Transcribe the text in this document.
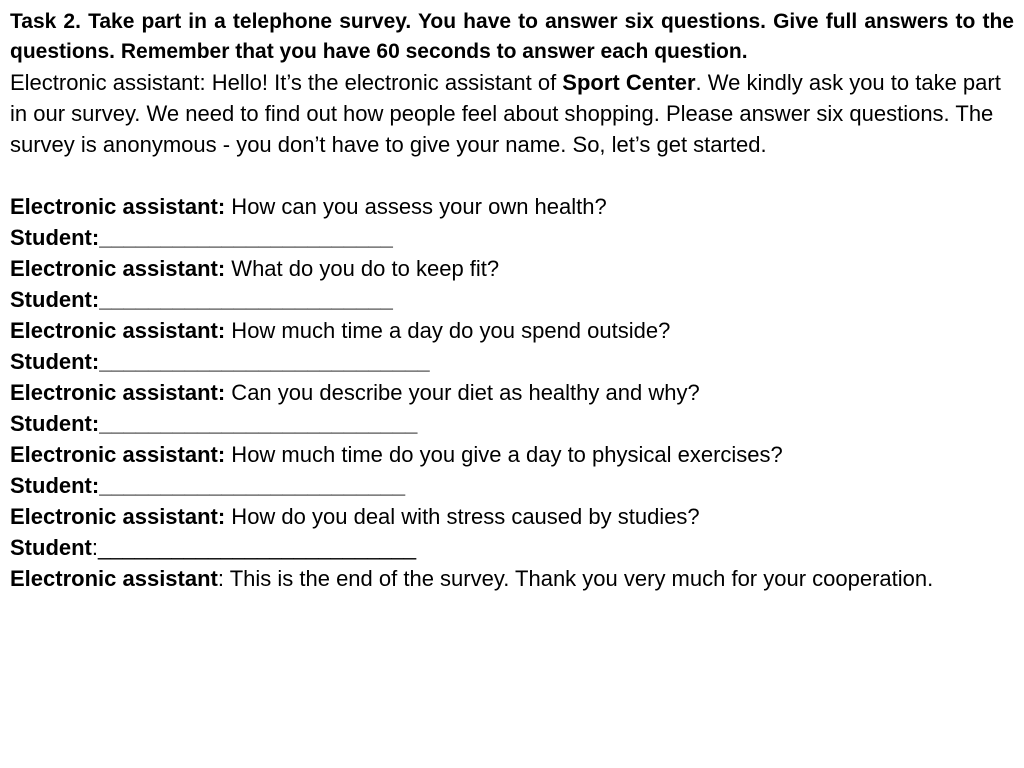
Task 2. Take part in a telephone survey. You have to answer six questions. Give full answers to the questions. Remember that you have 60 seconds to answer each question.

Electronic assistant: Hello! It’s the electronic assistant of Sport Center. We kindly ask you to take part in our survey. We need to find out how people feel about shopping. Please answer six questions. The survey is anonymous - you don’t have to give your name. So, let’s get started.

Electronic assistant: How can you assess your own health?
Student:________________________
Electronic assistant: What do you do to keep fit?
Student:________________________
Electronic assistant: How much time a day do you spend outside?
Student:___________________________
Electronic assistant: Can you describe your diet as healthy and why?
Student:__________________________
Electronic assistant: How much time do you give a day to physical exercises?
Student:_________________________
Electronic assistant: How do you deal with stress caused by studies?
Student:__________________________
Electronic assistant: This is the end of the survey. Thank you very much for your cooperation.
